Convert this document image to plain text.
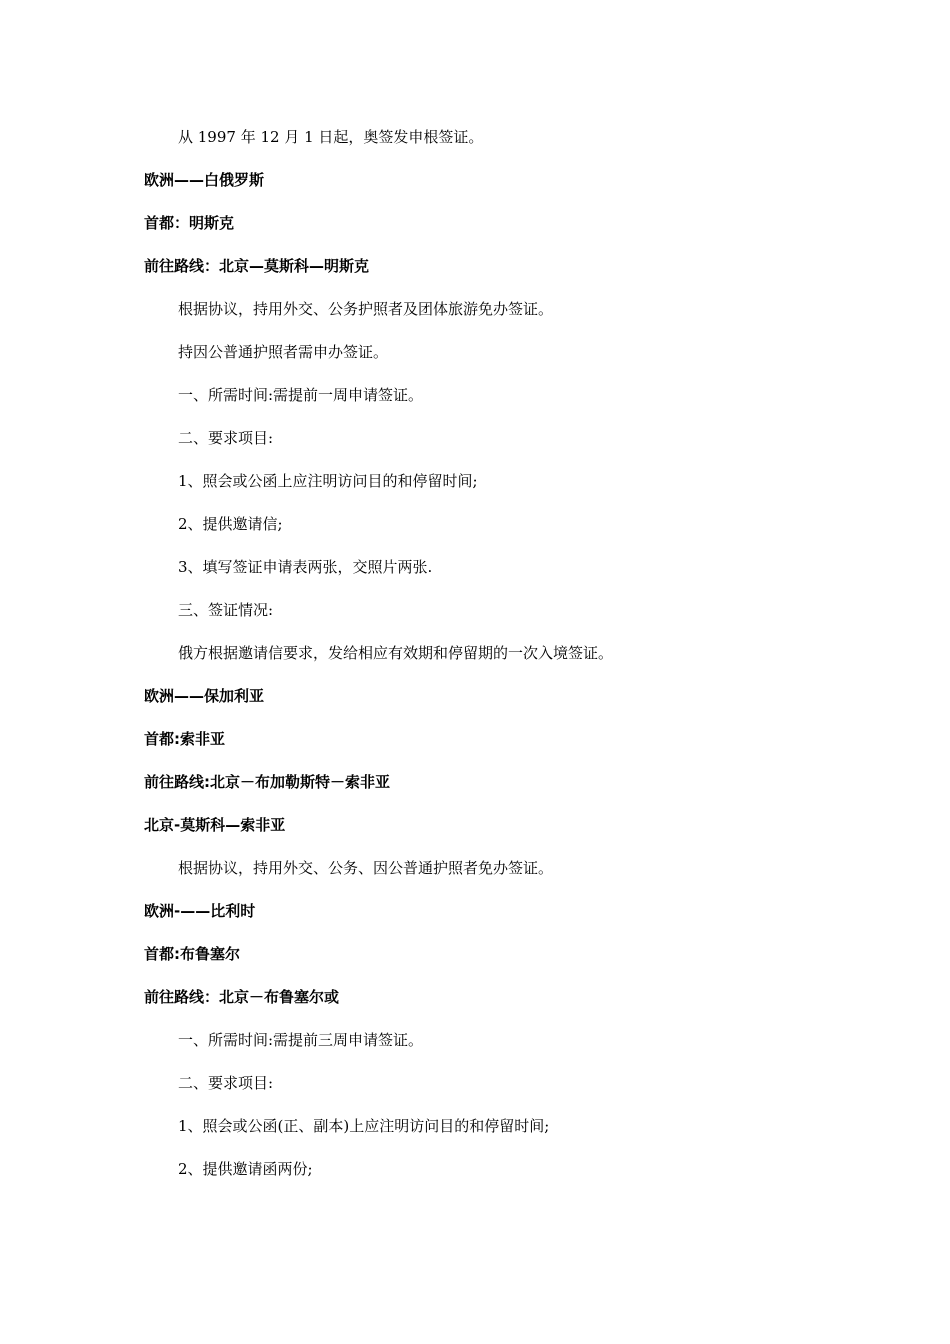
从 1997 年 12 月 1 日起，奥签发申根签证。
欧洲——白俄罗斯
首都：明斯克
前往路线：北京—莫斯科—明斯克
根据协议，持用外交、公务护照者及团体旅游免办签证。
持因公普通护照者需申办签证。
一、所需时间:需提前一周申请签证。
二、要求项目:
1、照会或公函上应注明访问目的和停留时间;
2、提供邀请信;
3、填写签证申请表两张，交照片两张.
三、签证情况:
俄方根据邀请信要求，发给相应有效期和停留期的一次入境签证。
欧洲——保加利亚
首都:索非亚
前往路线:北京－布加勒斯特－索非亚
北京-莫斯科—索非亚
根据协议，持用外交、公务、因公普通护照者免办签证。
欧洲-——比利时
首都:布鲁塞尔
前往路线：北京－布鲁塞尔或
一、所需时间:需提前三周申请签证。
二、要求项目:
1、照会或公函(正、副本)上应注明访问目的和停留时间;
2、提供邀请函两份;
